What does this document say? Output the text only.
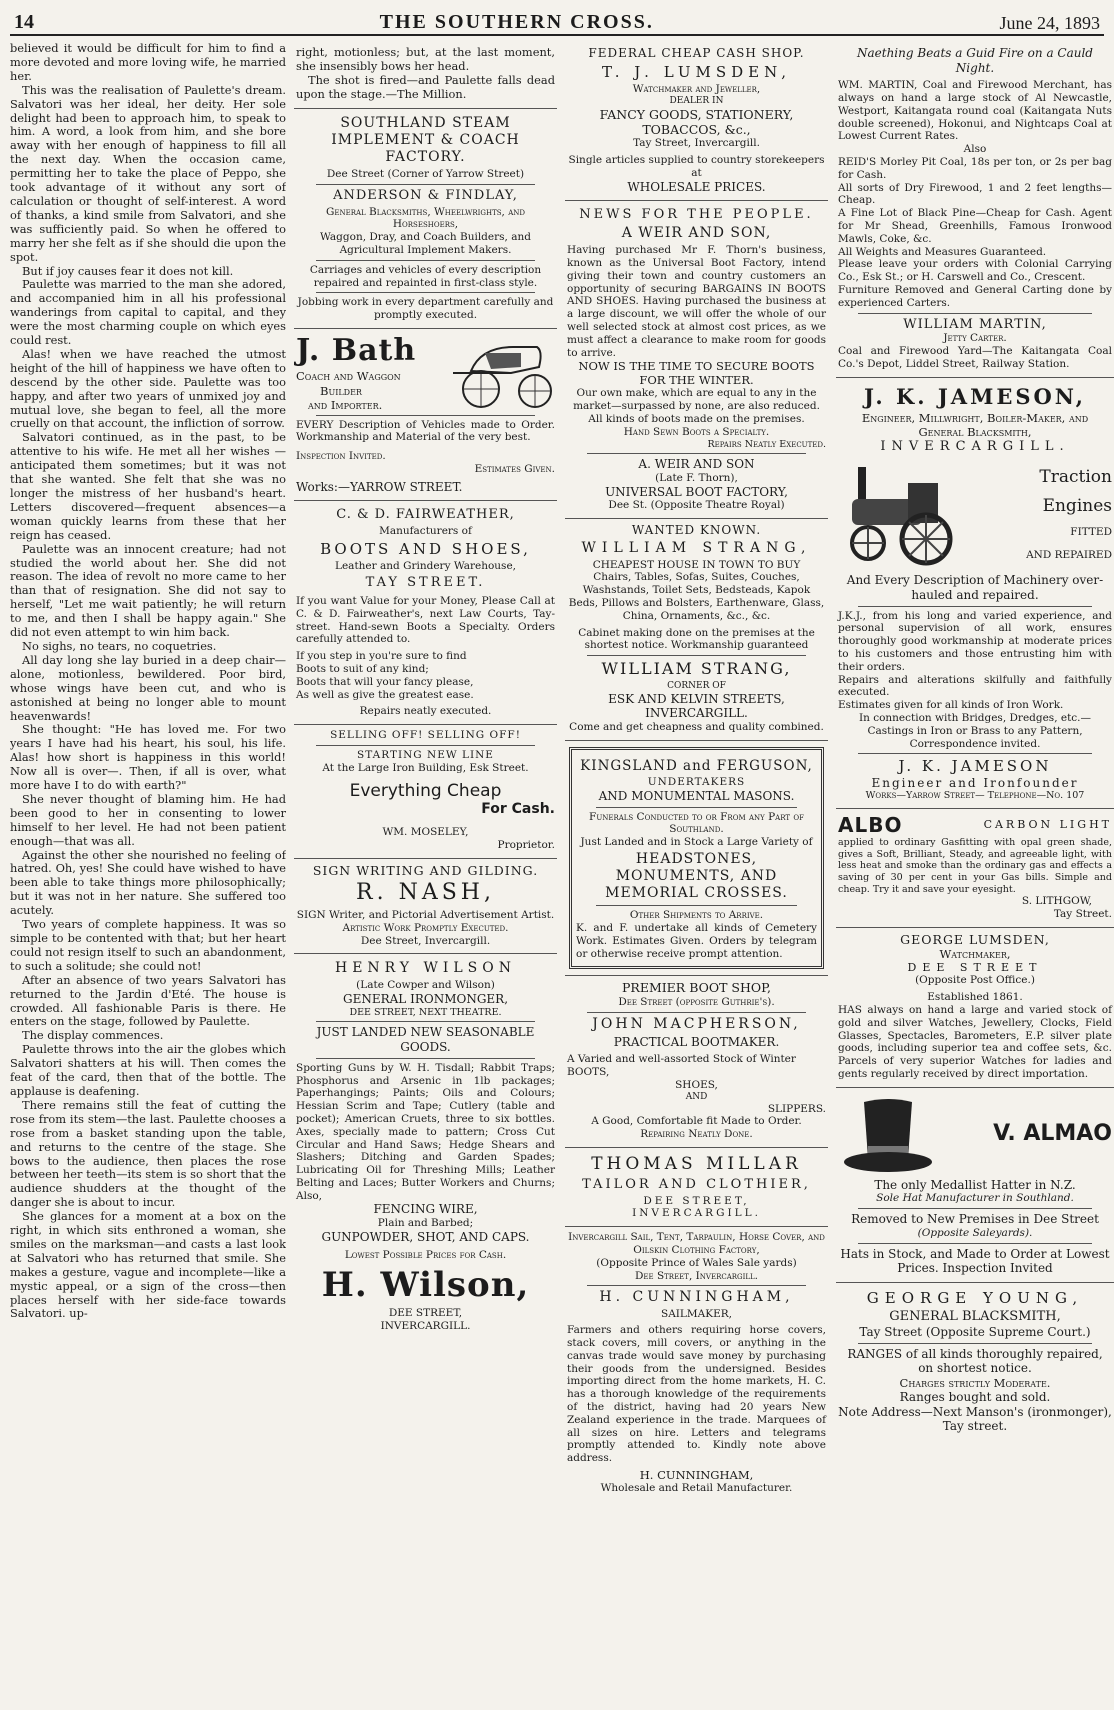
14	THE SOUTHERN CROSS.	June 24, 1893

believed it would be difficult for him to find a more devoted and more loving wife, he married her.

This was the realisation of Paulette's dream. Salvatori was her ideal, her deity. Her sole delight had been to approach him, to speak to him. A word, a look from him, and she bore away with her enough of happiness to fill all the next day. When the occasion came, permitting her to take the place of Peppo, she took advantage of it without any sort of calculation or thought of self-interest. A word of thanks, a kind smile from Salvatori, and she was sufficiently paid. So when he offered to marry her she felt as if she should die upon the spot.

But if joy causes fear it does not kill.

Paulette was married to the man she adored, and accompanied him in all his professional wanderings from capital to capital, and they were the most charming couple on which eyes could rest.

Alas! when we have reached the utmost height of the hill of happiness we have often to descend by the other side. Paulette was too happy, and after two years of unmixed joy and mutual love, she began to feel, all the more cruelly on that account, the infliction of sorrow.

Salvatori continued, as in the past, to be attentive to his wife. He met all her wishes — anticipated them sometimes; but it was not that she wanted. She felt that she was no longer the mistress of her husband's heart. Letters discovered—frequent absences—a woman quickly learns from these that her reign has ceased.

Paulette was an innocent creature; had not studied the world about her. She did not reason. The idea of revolt no more came to her than that of resignation. She did not say to herself, "Let me wait patiently; he will return to me, and then I shall be happy again." She did not even attempt to win him back.

No sighs, no tears, no coquetries.

All day long she lay buried in a deep chair—alone, motionless, bewildered. Poor bird, whose wings have been cut, and who is astonished at being no longer able to mount heavenwards!

She thought: "He has loved me. For two years I have had his heart, his soul, his life. Alas! how short is happiness in this world! Now all is over—. Then, if all is over, what more have I to do with earth?"

She never thought of blaming him. He had been good to her in consenting to lower himself to her level. He had not been patient enough—that was all.

Against the other she nourished no feeling of hatred. Oh, yes! She could have wished to have been able to take things more philosophically; but it was not in her nature. She suffered too acutely.

Two years of complete happiness. It was so simple to be contented with that; but her heart could not resign itself to such an abandonment, to such a solitude; she could not!

After an absence of two years Salvatori has returned to the Jardin d'Eté. The house is crowded. All fashionable Paris is there. He enters on the stage, followed by Paulette.

The display commences.

Paulette throws into the air the globes which Salvatori shatters at his will. Then comes the feat of the card, then that of the bottle. The applause is deafening.

There remains still the feat of cutting the rose from its stem—the last. Paulette chooses a rose from a basket standing upon the table, and returns to the centre of the stage. She bows to the audience, then places the rose between her teeth—its stem is so short that the audience shudders at the thought of the danger she is about to incur.

She glances for a moment at a box on the right, in which sits enthroned a woman, she smiles on the marksman—and casts a last look at Salvatori who has returned that smile. She makes a gesture, vague and incomplete—like a mystic appeal, or a sign of the cross—then places herself with her side-face towards Salvatori. up-

right, motionless; but, at the last moment, she insensibly bows her head.

The shot is fired—and Paulette falls dead upon the stage.—The Million.

SOUTHLAND STEAM IMPLEMENT & COACH FACTORY.

Dee Street (Corner of Yarrow Street)

ANDERSON & FINDLAY,

General Blacksmiths, Wheelwrights, and Horseshoers,

Waggon, Dray, and Coach Builders, and Agricultural Implement Makers.

Carriages and vehicles of every description repaired and repainted in first-class style.

Jobbing work in every department carefully and promptly executed.

J. Bath

Coach and Waggon

Builder

and Importer.

EVERY Description of Vehicles made to Order. Workmanship and Material of the very best.

Inspection Invited.

Estimates Given.

Works:—YARROW STREET.

C. & D. FAIRWEATHER,

Manufacturers of

BOOTS AND SHOES,

Leather and Grindery Warehouse,

TAY STREET.

If you want Value for your Money, Please Call at C. & D. Fairweather's, next Law Courts, Tay-street. Hand-sewn Boots a Specialty. Orders carefully attended to.

If you step in you're sure to find

Boots to suit of any kind;

Boots that will your fancy please,

As well as give the greatest ease.

Repairs neatly executed.

SELLING OFF! SELLING OFF!

STARTING NEW LINE

At the Large Iron Building, Esk Street.

Everything Cheap

For Cash.

WM. MOSELEY,

Proprietor.

SIGN WRITING AND GILDING.

R. NASH,

SIGN Writer, and Pictorial Advertisement Artist.

Artistic Work Promptly Executed.

Dee Street, Invercargill.

HENRY WILSON

(Late Cowper and Wilson)

GENERAL IRONMONGER,

DEE STREET, NEXT THEATRE.

JUST LANDED NEW SEASONABLE GOODS.

Sporting Guns by W. H. Tisdall; Rabbit Traps; Phosphorus and Arsenic in 1lb packages; Paperhangings; Paints; Oils and Colours; Hessian Scrim and Tape; Cutlery (table and pocket); American Cruets, three to six bottles. Axes, specially made to pattern; Cross Cut Circular and Hand Saws; Hedge Shears and Slashers; Ditching and Garden Spades; Lubricating Oil for Threshing Mills; Leather Belting and Laces; Butter Workers and Churns; Also,

FENCING WIRE,

Plain and Barbed;

GUNPOWDER, SHOT, AND CAPS.

Lowest Possible Prices for Cash.

H. Wilson,

DEE STREET,

INVERCARGILL.

FEDERAL CHEAP CASH SHOP.

T. J. LUMSDEN,

Watchmaker and Jeweller,

DEALER IN

FANCY GOODS, STATIONERY, TOBACCOS, &c.,

Tay Street, Invercargill.

Single articles supplied to country storekeepers at

WHOLESALE PRICES.

NEWS FOR THE PEOPLE.

A WEIR AND SON,

Having purchased Mr F. Thorn's business, known as the Universal Boot Factory, intend giving their town and country customers an opportunity of securing BARGAINS IN BOOTS AND SHOES. Having purchased the business at a large discount, we will offer the whole of our well selected stock at almost cost prices, as we must affect a clearance to make room for goods to arrive.

NOW IS THE TIME TO SECURE BOOTS FOR THE WINTER.

Our own make, which are equal to any in the market—surpassed by none, are also reduced.

All kinds of boots made on the premises.

Hand Sewn Boots a Specialty.

Repairs Neatly Executed.

A. WEIR AND SON

(Late F. Thorn),

UNIVERSAL BOOT FACTORY,

Dee St. (Opposite Theatre Royal)

WANTED KNOWN.

WILLIAM STRANG,

CHEAPEST HOUSE IN TOWN TO BUY

Chairs, Tables, Sofas, Suites, Couches, Washstands, Toilet Sets, Bedsteads, Kapok Beds, Pillows and Bolsters, Earthenware, Glass, China, Ornaments, &c., &c.

Cabinet making done on the premises at the shortest notice. Workmanship guaranteed

WILLIAM STRANG,

CORNER OF

ESK AND KELVIN STREETS, INVERCARGILL.

Come and get cheapness and quality combined.

KINGSLAND and FERGUSON,

UNDERTAKERS

AND MONUMENTAL MASONS.

Funerals Conducted to or From any Part of Southland.

Just Landed and in Stock a Large Variety of

HEADSTONES, MONUMENTS, AND MEMORIAL CROSSES.

Other Shipments to Arrive.

K. and F. undertake all kinds of Cemetery Work. Estimates Given. Orders by telegram or otherwise receive prompt attention.

PREMIER BOOT SHOP,

Dee Street (opposite Guthrie's).

JOHN MACPHERSON,

PRACTICAL BOOTMAKER.

A Varied and well-assorted Stock of Winter BOOTS,

SHOES,

AND

SLIPPERS.

A Good, Comfortable fit Made to Order.

Repairing Neatly Done.

THOMAS MILLAR

TAILOR AND CLOTHIER,

DEE STREET,

INVERCARGILL.

Invercargill Sail, Tent, Tarpaulin, Horse Cover, and Oilskin Clothing Factory,

(Opposite Prince of Wales Sale yards)

Dee Street, Invercargill.

H. CUNNINGHAM,

SAILMAKER,

Farmers and others requiring horse covers, stack covers, mill covers, or anything in the canvas trade would save money by purchasing their goods from the undersigned. Besides importing direct from the home markets, H. C. has a thorough knowledge of the requirements of the district, having had 20 years New Zealand experience in the trade. Marquees of all sizes on hire. Letters and telegrams promptly attended to. Kindly note above address.

H. CUNNINGHAM,

Wholesale and Retail Manufacturer.

Naething Beats a Guid Fire on a Cauld Night.

WM. MARTIN, Coal and Firewood Merchant, has always on hand a large stock of Al Newcastle, Westport, Kaitangata round coal (Kaitangata Nuts double screened), Hokonui, and Nightcaps Coal at Lowest Current Rates.

Also

REID'S Morley Pit Coal, 18s per ton, or 2s per bag for Cash.

All sorts of Dry Firewood, 1 and 2 feet lengths—Cheap.

A Fine Lot of Black Pine—Cheap for Cash. Agent for Mr Shead, Greenhills, Famous Ironwood Mawls, Coke, &c.

All Weights and Measures Guaranteed.

Please leave your orders with Colonial Carrying Co., Esk St.; or H. Carswell and Co., Crescent.

Furniture Removed and General Carting done by experienced Carters.

WILLIAM MARTIN,

Jetty Carter.

Coal and Firewood Yard—The Kaitangata Coal Co.'s Depot, Liddel Street, Railway Station.

J. K. JAMESON,

Engineer, Millwright, Boiler-Maker, and

General Blacksmith,

INVERCARGILL.

Traction

Engines

FITTED

AND REPAIRED

And Every Description of Machinery over-hauled and repaired.

J.K.J., from his long and varied experience, and personal supervision of all work, ensures thoroughly good workmanship at moderate prices to his customers and those entrusting him with their orders.

Repairs and alterations skilfully and faithfully executed.

Estimates given for all kinds of Iron Work.

In connection with Bridges, Dredges, etc.—Castings in Iron or Brass to any Pattern, Correspondence invited.

J. K. JAMESON

Engineer and Ironfounder

Works—Yarrow Street— Telephone—No. 107

ALBO	CARBON LIGHT

applied to ordinary Gasfitting with opal green shade, gives a Soft, Brilliant, Steady, and agreeable light, with less heat and smoke than the ordinary gas and effects a saving of 30 per cent in your Gas bills. Simple and cheap. Try it and save your eyesight.

S. LITHGOW,

Tay Street.

GEORGE LUMSDEN,

Watchmaker,

DEE STREET

(Opposite Post Office.)

Established 1861.

HAS always on hand a large and varied stock of gold and silver Watches, Jewellery, Clocks, Field Glasses, Spectacles, Barometers, E.P. silver plate goods, including superior tea and coffee sets, &c. Parcels of very superior Watches for ladies and gents regularly received by direct importation.

V. ALMAO

The only Medallist Hatter in N.Z.

Sole Hat Manufacturer in Southland.

Removed to New Premises in Dee Street

(Opposite Saleyards).

Hats in Stock, and Made to Order at Lowest Prices. Inspection Invited

GEORGE YOUNG,

GENERAL BLACKSMITH,

Tay Street (Opposite Supreme Court.)

RANGES of all kinds thoroughly repaired, on shortest notice.

Charges strictly Moderate.

Ranges bought and sold.

Note Address—Next Manson's (ironmonger), Tay street.
